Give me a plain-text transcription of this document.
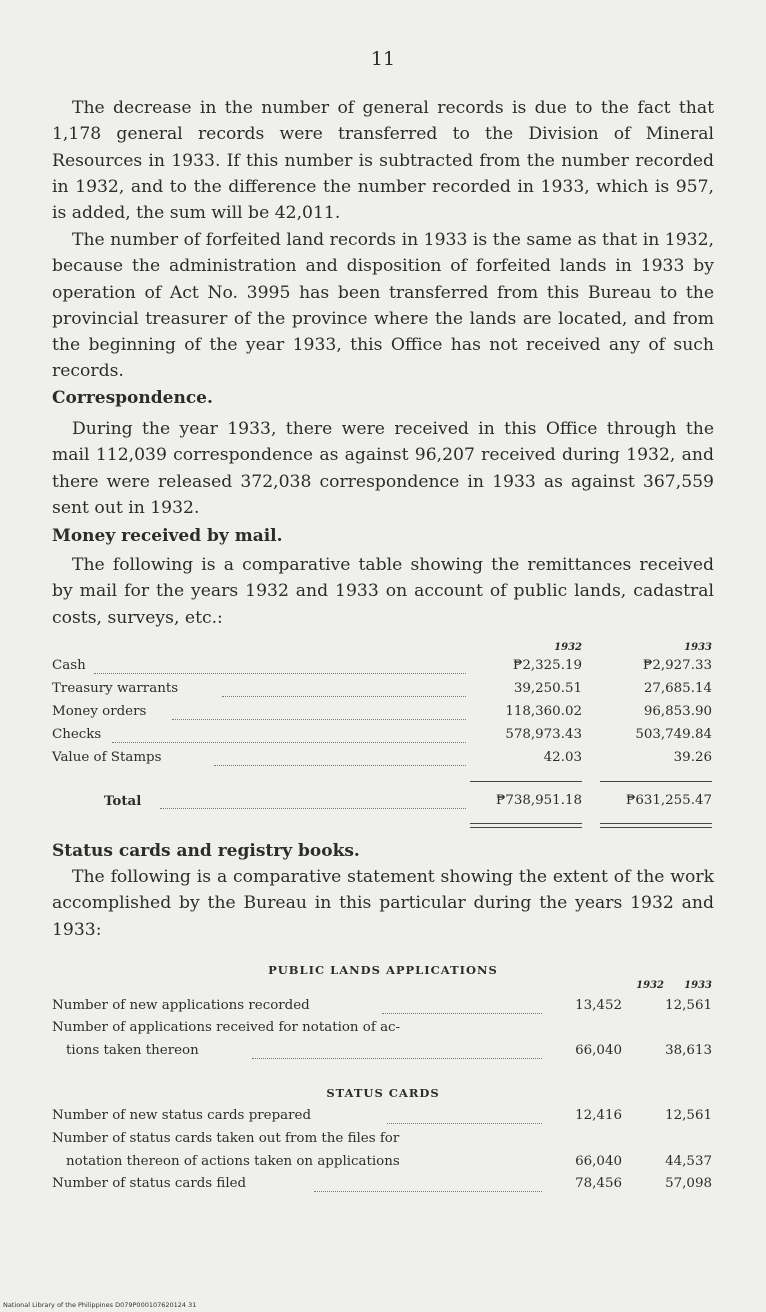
11
The decrease in the number of general records is due to the fact that 1,178 general records were transferred to the Division of Mineral Resources in 1933. If this number is subtracted from the number recorded in 1932, and to the difference the number recorded in 1933, which is 957, is added, the sum will be 42,011.
The number of forfeited land records in 1933 is the same as that in 1932, because the administration and disposition of forfeited lands in 1933 by operation of Act No. 3995 has been transferred from this Bureau to the provincial treasurer of the province where the lands are located, and from the beginning of the year 1933, this Office has not received any of such records.
Correspondence.
During the year 1933, there were received in this Office through the mail 112,039 correspondence as against 96,207 received during 1932, and there were released 372,038 correspondence in 1933 as against 367,559 sent out in 1932.
Money received by mail.
The following is a comparative table showing the remittances received by mail for the years 1932 and 1933 on account of public lands, cadastral costs, surveys, etc.:
1932	1933
Cash	₱2,325.19	₱2,927.33
Treasury warrants	39,250.51	27,685.14
Money orders	118,360.02	96,853.90
Checks	578,973.43	503,749.84
Value of Stamps	42.03	39.26
Total	₱738,951.18	₱631,255.47
Status cards and registry books.
The following is a comparative statement showing the extent of the work accomplished by the Bureau in this particular during the years 1932 and 1933:
PUBLIC LANDS APPLICATIONS
1932	1933
Number of new applications recorded	13,452	12,561
Number of applications received for notation of ac-
tions taken thereon	66,040	38,613
STATUS CARDS
Number of new status cards prepared	12,416	12,561
Number of status cards taken out from the files for
notation thereon of actions taken on applications	66,040	44,537
Number of status cards filed	78,456	57,098
National Library of the Philippines D079P000107620124 31
